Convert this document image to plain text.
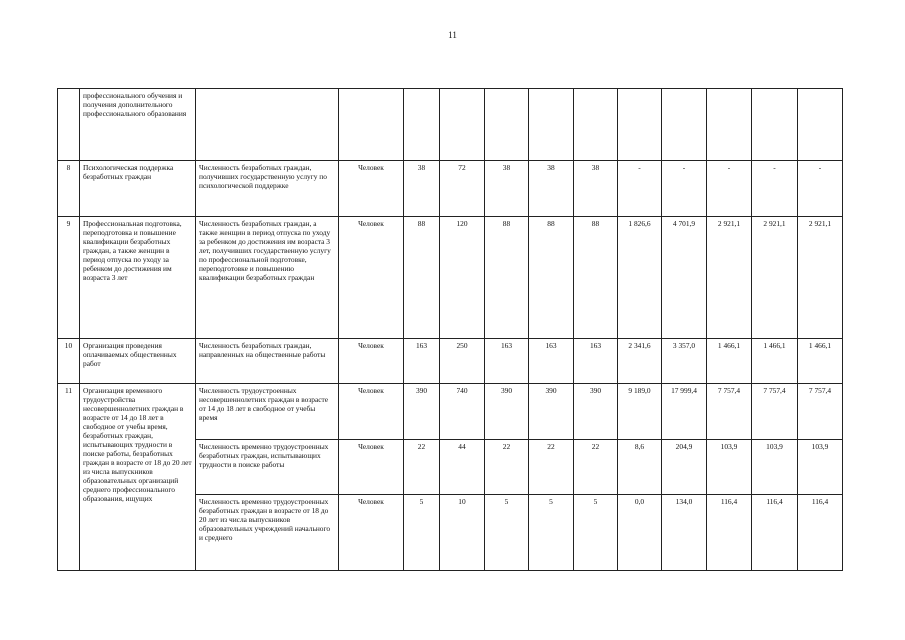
11
	профессионального обучения и получения дополнительного профессионального образования												
8	Психологическая поддержка безработных граждан	Численность безработных граждан, получивших государственную услугу по психологической поддержке	Человек	38	72	38	38	38	-	-	-	-	-
9	Профессиональная подготовка, переподготовка и повышение квалификации безработных граждан, а также женщин в период отпуска по уходу за ребенком до достижения им возраста 3 лет	Численность безработных граждан, а также женщин в период отпуска по уходу за ребенком до достижения им возраста 3 лет, получивших государственную услугу по профессиональной подготовке, переподготовке и повышению квалификации безработных граждан	Человек	88	120	88	88	88	1 826,6	4 701,9	2 921,1	2 921,1	2 921,1
10	Организация проведения оплачиваемых общественных работ	Численность безработных граждан, направленных на общественные работы	Человек	163	250	163	163	163	2 341,6	3 357,0	1 466,1	1 466,1	1 466,1
11	Организация временного трудоустройства несовершеннолетних граждан в возрасте от 14 до 18 лет в свободное от учебы время, безработных граждан, испытывающих трудности в поиске работы, безработных граждан в возрасте от 18 до 20 лет из числа выпускников образовательных организаций среднего профессионального образования, ищущих	Численность трудоустроенных несовершеннолетних граждан в возрасте от 14 до 18 лет в свободное от учебы время	Человек	390	740	390	390	390	9 189,0	17 999,4	7 757,4	7 757,4	7 757,4
		Численность временно трудоустроенных безработных граждан, испытывающих трудности в поиске работы	Человек	22	44	22	22	22	8,6	204,9	103,9	103,9	103,9
		Численность временно трудоустроенных безработных граждан в возрасте от 18 до 20 лет из числа выпускников образовательных учреждений начального и среднего	Человек	5	10	5	5	5	0,0	134,0	116,4	116,4	116,4
